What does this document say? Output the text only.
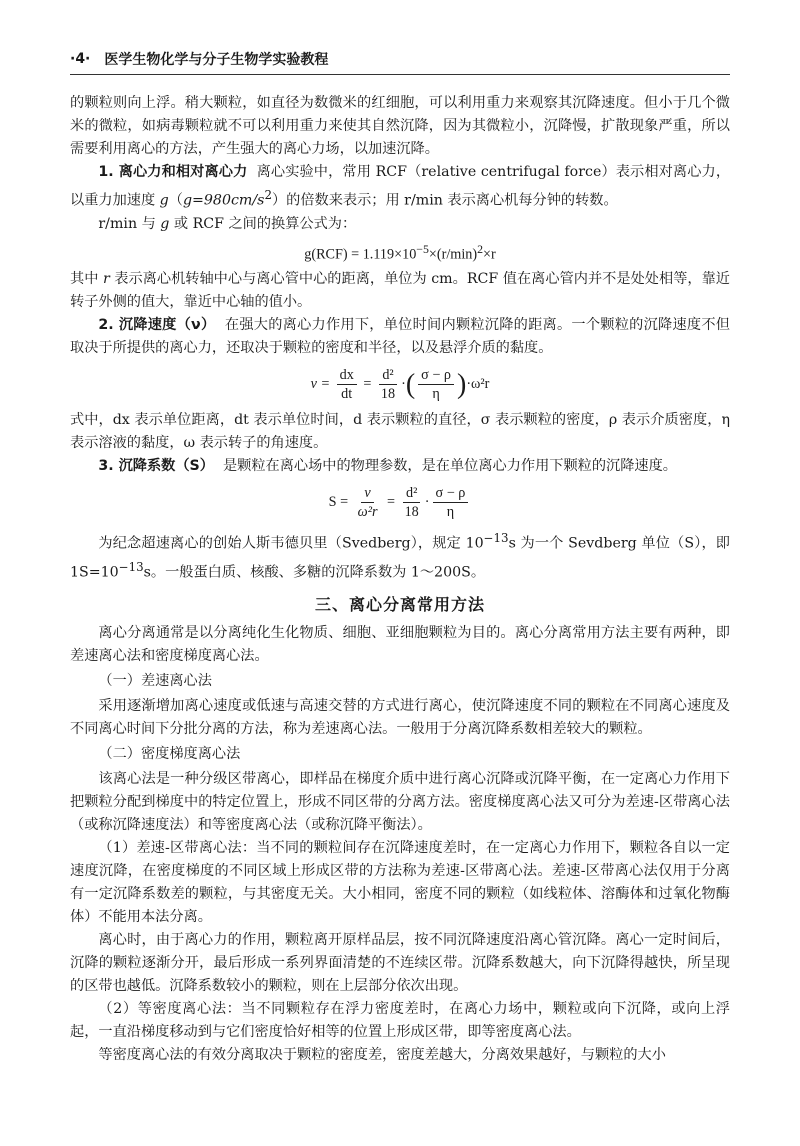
·4· 医学生物化学与分子生物学实验教程

的颗粒则向上浮。稍大颗粒，如直径为数微米的红细胞，可以利用重力来观察其沉降速度。但小于几个微米的微粒，如病毒颗粒就不可以利用重力来使其自然沉降，因为其微粒小，沉降慢，扩散现象严重，所以需要利用离心的方法，产生强大的离心力场，以加速沉降。

1. 离心力和相对离心力 离心实验中，常用 RCF（relative centrifugal force）表示相对离心力，以重力加速度 $g(g=980cm/s^2)$的倍数来表示；用 r/min 表示离心机每分钟的转数。

r/min 与 g 或 RCF 之间的换算公式为：

$g(RCF) = 1.119\times 10^{-5}\times(r/\min)^2\times r$

其中 r 表示离心机转轴中心与离心管中心的距离，单位为 cm。RCF 值在离心管内并不是处处相等，靠近转子外侧的值大，靠近中心轴的值小。

2. 沉降速度（ν） 在强大的离心力作用下，单位时间内颗粒沉降的距离。一个颗粒的沉降速度不但取决于所提供的离心力，还取决于颗粒的密度和半径，以及悬浮介质的黏度。

$v = \frac{dx}{dt} = \frac{\text{d²}}{18}$ ·( $\frac{\sigma - \rho}{\eta} )\cdot\omega^2r$

式中，dx 表示单位距离，dt 表示单位时间，d 表示颗粒的直径，σ 表示颗粒的密度，ρ 表示介质密度，η 表示溶液的黏度，ω 表示转子的角速度。

3. 沉降系数（S） 是颗粒在离心场中的物理参数，是在单位离心力作用下颗粒的沉降速度。

$S = \frac{v}{\text{ω²r}} = \frac{\text{d²}}{18} \cdot \frac{\sigma - \rho}{\eta}$

为纪念超速离心的创始人斯韦德贝里（Svedberg），规定 $10^{-13}s$ 为一个 Sevdberg 单位（S），即 $1S=10^{-13}s$。一般蛋白质、核酸、多糖的沉降系数为 1～200S。

三、离心分离常用方法

离心分离通常是以分离纯化生化物质、细胞、亚细胞颗粒为目的。离心分离常用方法主要有两种，即差速离心法和密度梯度离心法。

（一）差速离心法

采用逐渐增加离心速度或低速与高速交替的方式进行离心，使沉降速度不同的颗粒在不同离心速度及不同离心时间下分批分离的方法，称为差速离心法。一般用于分离沉降系数相差较大的颗粒。

（二）密度梯度离心法

该离心法是一种分级区带离心，即样品在梯度介质中进行离心沉降或沉降平衡，在一定离心力作用下把颗粒分配到梯度中的特定位置上，形成不同区带的分离方法。密度梯度离心法又可分为差速-区带离心法（或称沉降速度法）和等密度离心法（或称沉降平衡法）。

（1）差速-区带离心法：当不同的颗粒间存在沉降速度差时，在一定离心力作用下，颗粒各自以一定速度沉降，在密度梯度的不同区域上形成区带的方法称为差速-区带离心法。差速-区带离心法仅用于分离有一定沉降系数差的颗粒，与其密度无关。大小相同，密度不同的颗粒（如线粒体、溶酶体和过氧化物酶体）不能用本法分离。

离心时，由于离心力的作用，颗粒离开原样品层，按不同沉降速度沿离心管沉降。离心一定时间后，沉降的颗粒逐渐分开，最后形成一系列界面清楚的不连续区带。沉降系数越大，向下沉降得越快，所呈现的区带也越低。沉降系数较小的颗粒，则在上层部分依次出现。

（2）等密度离心法：当不同颗粒存在浮力密度差时，在离心力场中，颗粒或向下沉降，或向上浮起，一直沿梯度移动到与它们密度恰好相等的位置上形成区带，即等密度离心法。

等密度离心法的有效分离取决于颗粒的密度差，密度差越大，分离效果越好，与颗粒的大小
